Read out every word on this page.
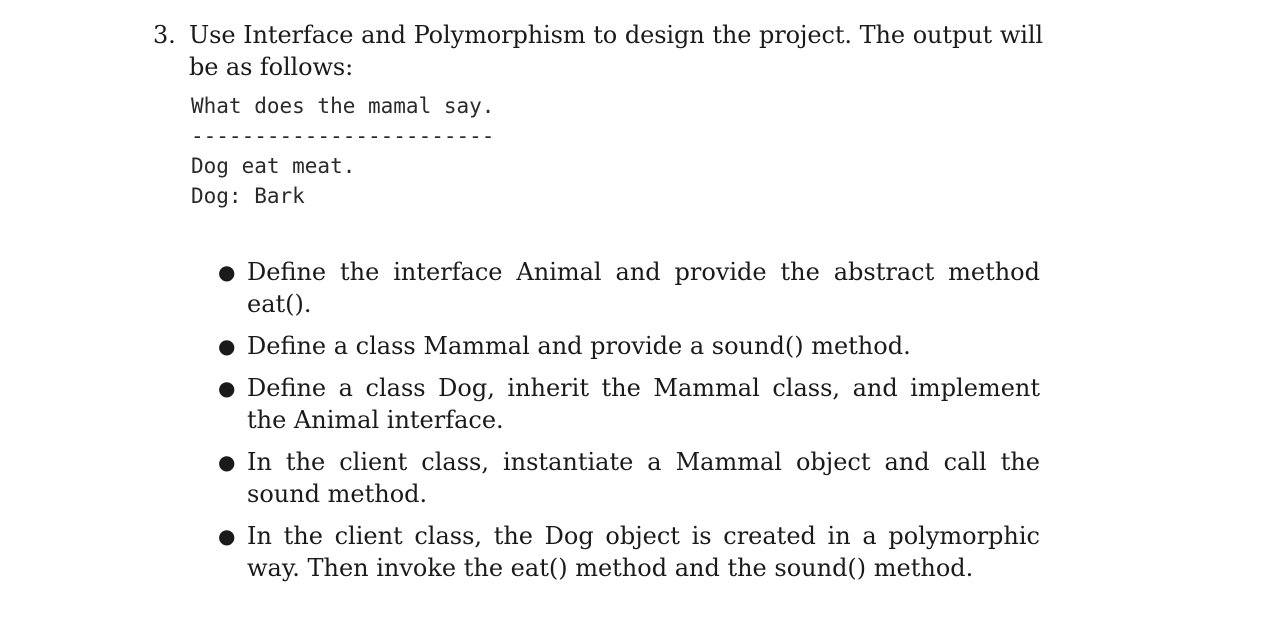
3. Use Interface and Polymorphism to design the project. The output will be as follows:
What does the mamal say.
------------------------
Dog eat meat.
Dog: Bark
● Define the interface Animal and provide the abstract method eat().
● Define a class Mammal and provide a sound() method.
● Define a class Dog, inherit the Mammal class, and implement the Animal interface.
● In the client class, instantiate a Mammal object and call the sound method.
● In the client class, the Dog object is created in a polymorphic way. Then invoke the eat() method and the sound() method.
